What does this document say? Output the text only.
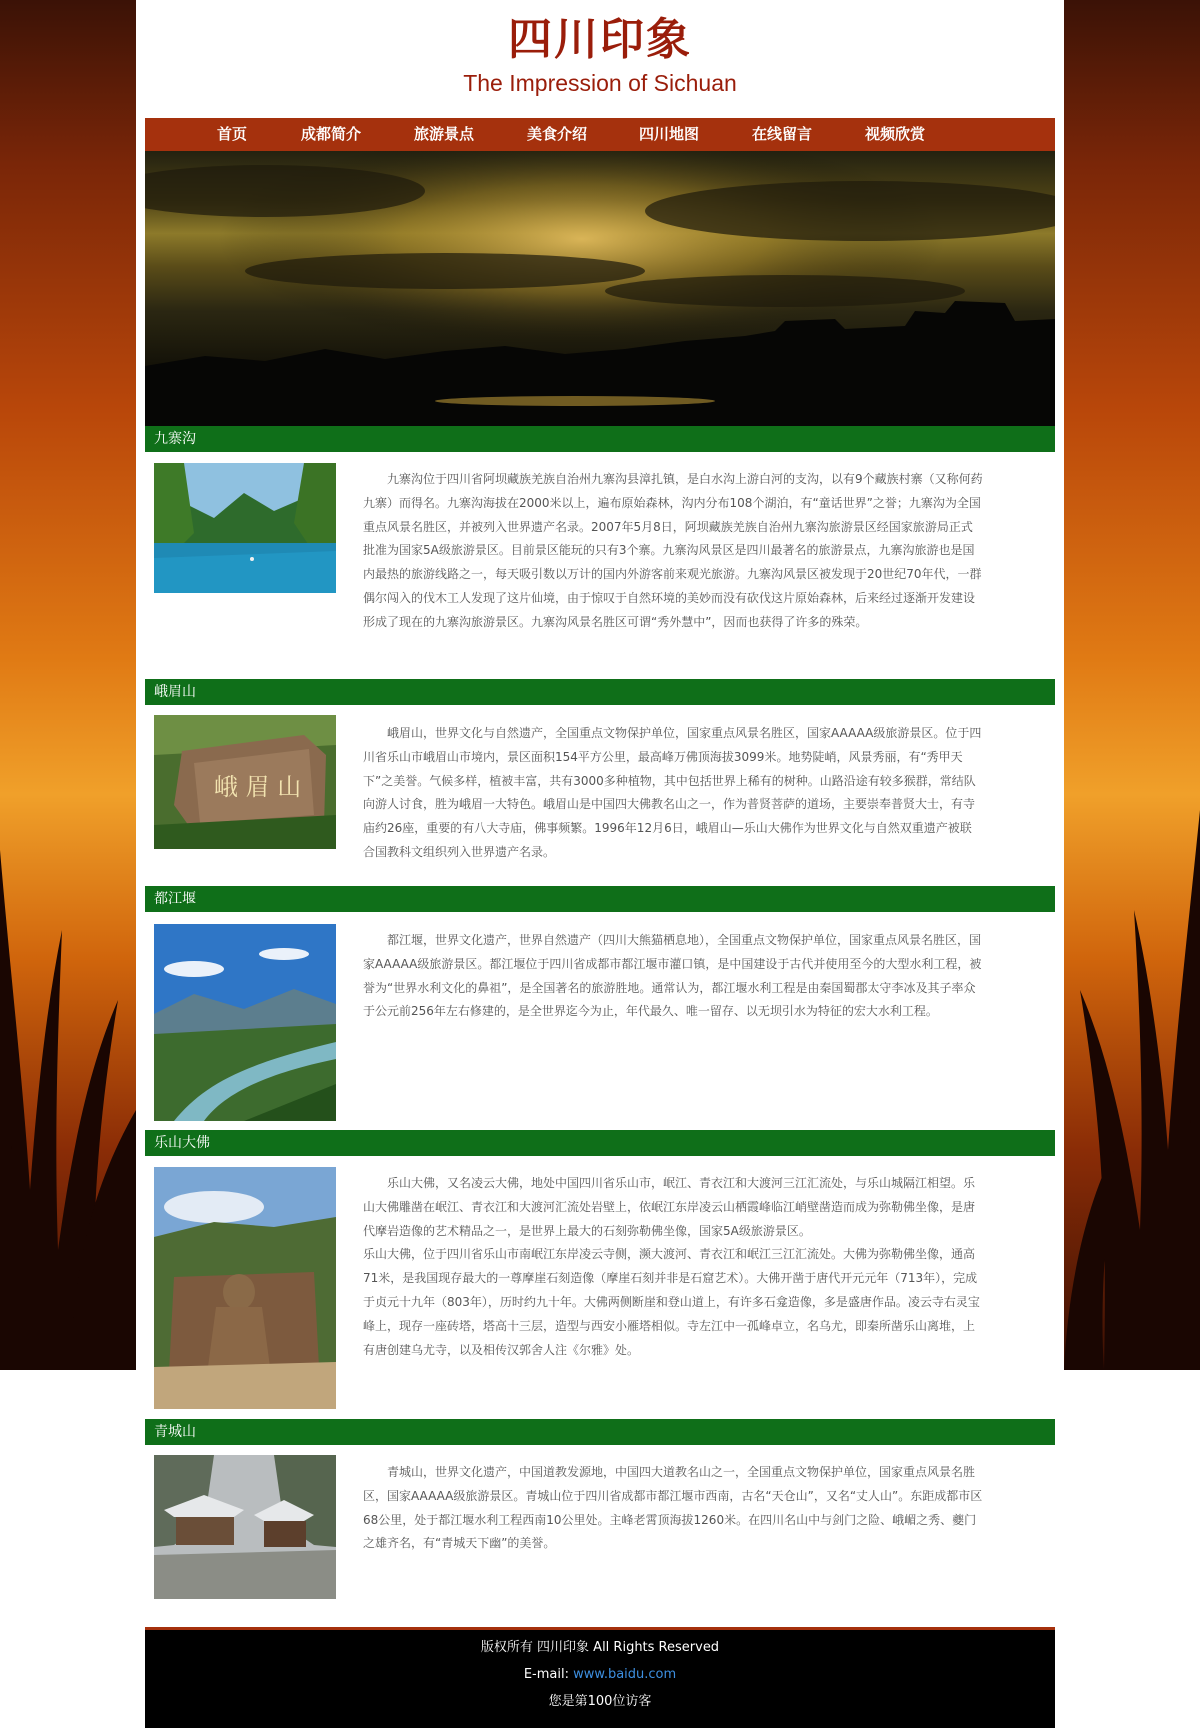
四川印象
The Impression of Sichuan
首页	成都简介	旅游景点	美食介绍	四川地图	在线留言	视频欣赏
九寨沟

九寨沟位于四川省阿坝藏族羌族自治州九寨沟县漳扎镇，是白水沟上游白河的支沟，以有9个藏族村寨（又称何药九寨）而得名。九寨沟海拔在2000米以上，遍布原始森林，沟内分布108个湖泊，有“童话世界”之誉；九寨沟为全国重点风景名胜区，并被列入世界遗产名录。2007年5月8日，阿坝藏族羌族自治州九寨沟旅游景区经国家旅游局正式批准为国家5A级旅游景区。目前景区能玩的只有3个寨。九寨沟风景区是四川最著名的旅游景点，九寨沟旅游也是国内最热的旅游线路之一，每天吸引数以万计的国内外游客前来观光旅游。九寨沟风景区被发现于20世纪70年代，一群偶尔闯入的伐木工人发现了这片仙境，由于惊叹于自然环境的美妙而没有砍伐这片原始森林，后来经过逐渐开发建设形成了现在的九寨沟旅游景区。九寨沟风景名胜区可谓“秀外慧中”，因而也获得了许多的殊荣。

峨眉山
峨 眉 山

峨眉山，世界文化与自然遗产，全国重点文物保护单位，国家重点风景名胜区，国家AAAAA级旅游景区。位于四川省乐山市峨眉山市境内，景区面积154平方公里，最高峰万佛顶海拔3099米。地势陡峭，风景秀丽，有“秀甲天下”之美誉。气候多样，植被丰富，共有3000多种植物，其中包括世界上稀有的树种。山路沿途有较多猴群，常结队向游人讨食，胜为峨眉一大特色。峨眉山是中国四大佛教名山之一，作为普贤菩萨的道场，主要崇奉普贤大士，有寺庙约26座，重要的有八大寺庙，佛事频繁。1996年12月6日，峨眉山—乐山大佛作为世界文化与自然双重遗产被联合国教科文组织列入世界遗产名录。

都江堰

都江堰，世界文化遗产，世界自然遗产（四川大熊猫栖息地），全国重点文物保护单位，国家重点风景名胜区，国家AAAAA级旅游景区。都江堰位于四川省成都市都江堰市灌口镇，是中国建设于古代并使用至今的大型水利工程，被誉为“世界水利文化的鼻祖”，是全国著名的旅游胜地。通常认为，都江堰水利工程是由秦国蜀郡太守李冰及其子率众于公元前256年左右修建的，是全世界迄今为止，年代最久、唯一留存、以无坝引水为特征的宏大水利工程。

乐山大佛

乐山大佛，又名凌云大佛，地处中国四川省乐山市，岷江、青衣江和大渡河三江汇流处，与乐山城隔江相望。乐山大佛雕凿在岷江、青衣江和大渡河汇流处岩壁上，依岷江东岸凌云山栖霞峰临江峭壁凿造而成为弥勒佛坐像，是唐代摩岩造像的艺术精品之一，是世界上最大的石刻弥勒佛坐像，国家5A级旅游景区。

乐山大佛，位于四川省乐山市南岷江东岸凌云寺侧，濒大渡河、青衣江和岷江三江汇流处。大佛为弥勒佛坐像，通高71米，是我国现存最大的一尊摩崖石刻造像（摩崖石刻并非是石窟艺术）。大佛开凿于唐代开元元年（713年），完成于贞元十九年（803年），历时约九十年。大佛两侧断崖和登山道上，有许多石龛造像，多是盛唐作品。凌云寺右灵宝峰上，现存一座砖塔，塔高十三层，造型与西安小雁塔相似。寺左江中一孤峰卓立，名乌尤，即秦所凿乐山离堆，上有唐创建乌尤寺，以及相传汉郭舍人注《尔雅》处。

青城山

青城山，世界文化遗产，中国道教发源地，中国四大道教名山之一，全国重点文物保护单位，国家重点风景名胜区，国家AAAAA级旅游景区。青城山位于四川省成都市都江堰市西南，古名“天仓山”，又名“丈人山”。东距成都市区68公里，处于都江堰水利工程西南10公里处。主峰老霄顶海拔1260米。在四川名山中与剑门之险、峨嵋之秀、夔门之雄齐名，有“青城天下幽”的美誉。

版权所有 四川印象 All Rights Reserved
E-mail: www.baidu.com
您是第100位访客
